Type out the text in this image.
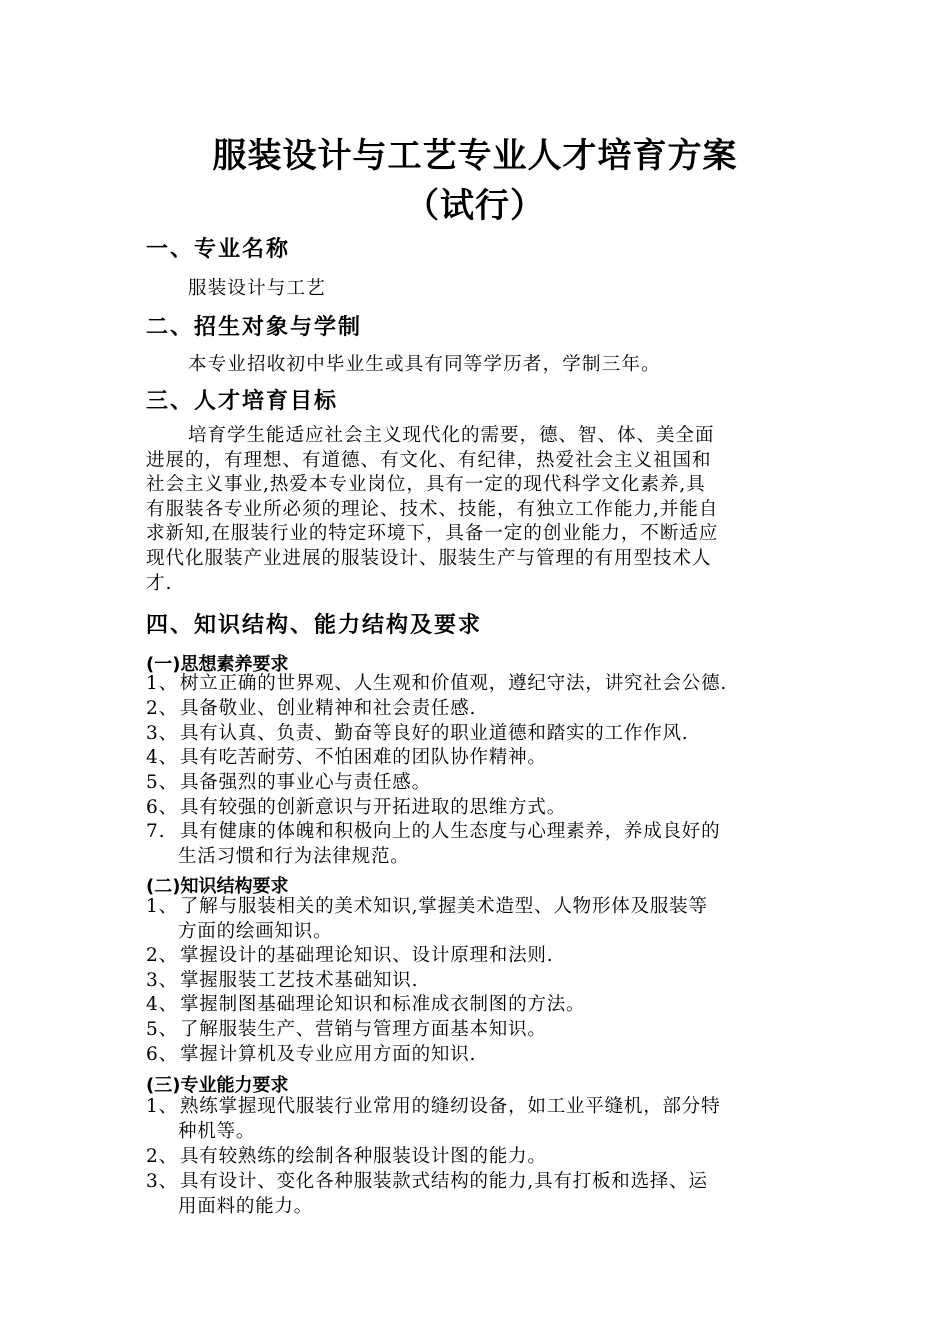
服装设计与工艺专业人才培育方案
（试行）
一、专业名称
服装设计与工艺
二、招生对象与学制
本专业招收初中毕业生或具有同等学历者，学制三年。
三、人才培育目标
培育学生能适应社会主义现代化的需要，德、智、体、美全面
进展的，有理想、有道德、有文化、有纪律，热爱社会主义祖国和
社会主义事业,热爱本专业岗位，具有一定的现代科学文化素养,具
有服装各专业所必须的理论、技术、技能，有独立工作能力,并能自
求新知,在服装行业的特定环境下，具备一定的创业能力，不断适应
现代化服装产业进展的服装设计、服装生产与管理的有用型技术人
才.
四、知识结构、能力结构及要求
(一)思想素养要求
1、 树立正确的世界观、人生观和价值观，遵纪守法，讲究社会公德.
2、 具备敬业、创业精神和社会责任感.
3、 具有认真、负责、勤奋等良好的职业道德和踏实的工作作风.
4、 具有吃苦耐劳、不怕困难的团队协作精神。
5、 具备强烈的事业心与责任感。
6、 具有较强的创新意识与开拓进取的思维方式。
7. 具有健康的体魄和积极向上的人生态度与心理素养，养成良好的
生活习惯和行为法律规范。
(二)知识结构要求
1、 了解与服装相关的美术知识,掌握美术造型、人物形体及服装等
方面的绘画知识。
2、 掌握设计的基础理论知识、设计原理和法则.
3、 掌握服装工艺技术基础知识.
4、 掌握制图基础理论知识和标准成衣制图的方法。
5、 了解服装生产、营销与管理方面基本知识。
6、 掌握计算机及专业应用方面的知识.
(三)专业能力要求
1、 熟练掌握现代服装行业常用的缝纫设备，如工业平缝机，部分特
种机等。
2、 具有较熟练的绘制各种服装设计图的能力。
3、 具有设计、变化各种服装款式结构的能力,具有打板和选择、运
用面料的能力。
